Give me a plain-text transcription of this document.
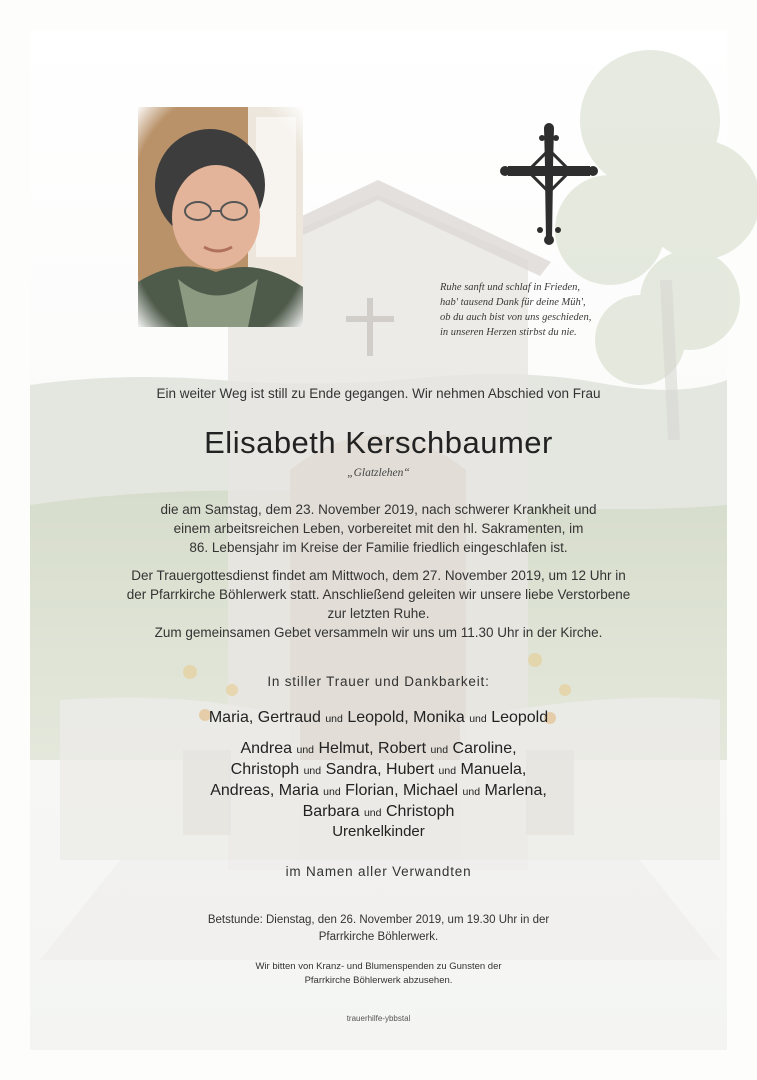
Ruhe sanft und schlaf in Frieden,
hab' tausend Dank für deine Müh',
ob du auch bist von uns geschieden,
in unseren Herzen stirbst du nie.
Ein weiter Weg ist still zu Ende gegangen. Wir nehmen Abschied von Frau
Elisabeth Kerschbaumer
„Glatzlehen“
die am Samstag, dem 23. November 2019, nach schwerer Krankheit und
einem arbeitsreichen Leben, vorbereitet mit den hl. Sakramenten, im
86. Lebensjahr im Kreise der Familie friedlich eingeschlafen ist.
Der Trauergottesdienst findet am Mittwoch, dem 27. November 2019, um 12 Uhr in
der Pfarrkirche Böhlerwerk statt. Anschließend geleiten wir unsere liebe Verstorbene
zur letzten Ruhe.
Zum gemeinsamen Gebet versammeln wir uns um 11.30 Uhr in der Kirche.
In stiller Trauer und Dankbarkeit:
Maria, Gertraud und Leopold, Monika und Leopold
Andrea und Helmut, Robert und Caroline,
Christoph und Sandra, Hubert und Manuela,
Andreas, Maria und Florian, Michael und Marlena,
Barbara und Christoph
Urenkelkinder
im Namen aller Verwandten
Betstunde: Dienstag, den 26. November 2019, um 19.30 Uhr in der
Pfarrkirche Böhlerwerk.
Wir bitten von Kranz- und Blumenspenden zu Gunsten der
Pfarrkirche Böhlerwerk abzusehen.
trauerhilfe-ybbstal
